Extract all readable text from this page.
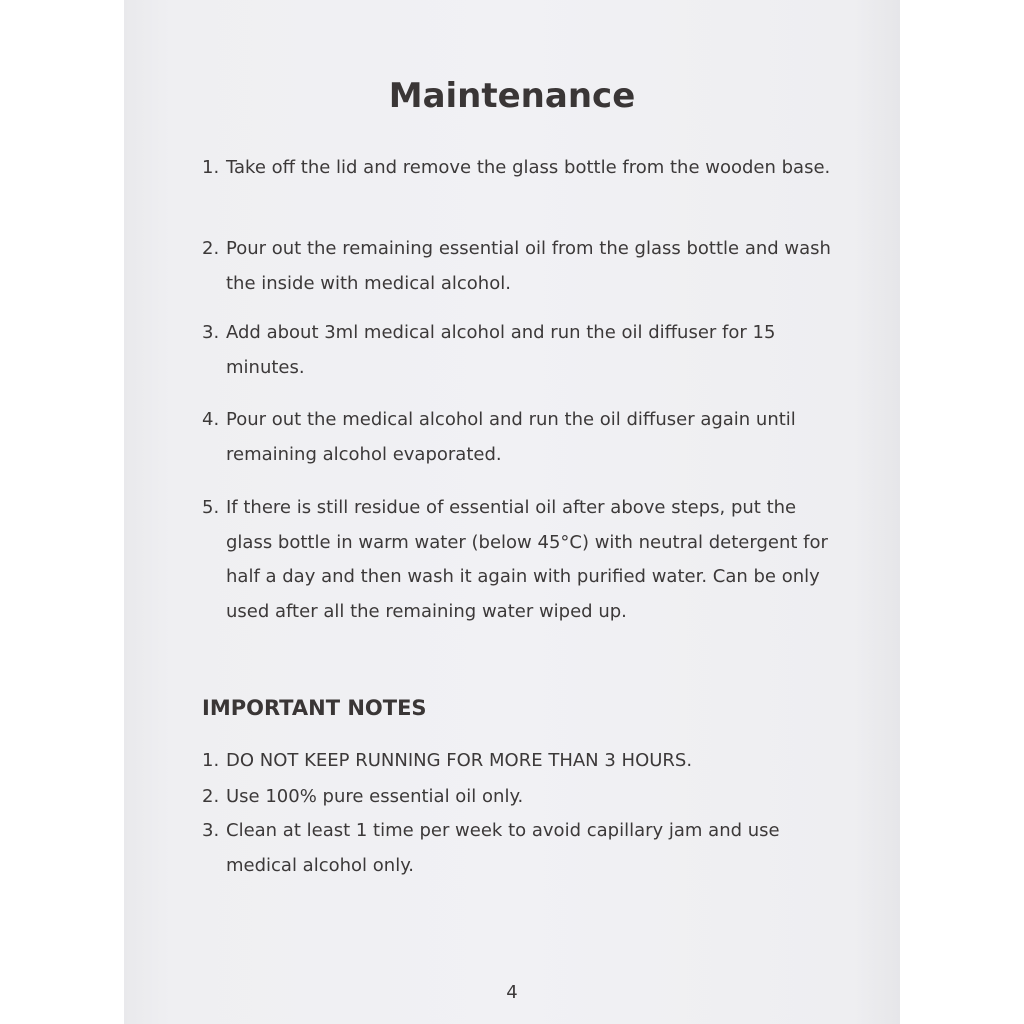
Maintenance
1. Take off the lid and remove the glass bottle from the wooden base.
2. Pour out the remaining essential oil from the glass bottle and wash the inside with medical alcohol.
3. Add about 3ml medical alcohol and run the oil diffuser for 15 minutes.
4. Pour out the medical alcohol and run the oil diffuser again until remaining alcohol evaporated.
5. If there is still residue of essential oil after above steps, put the glass bottle in warm water (below 45°C) with neutral detergent for half a day and then wash it again with purified water. Can be only used after all the remaining water wiped up.
IMPORTANT NOTES
1. DO NOT KEEP RUNNING FOR MORE THAN 3 HOURS.
2. Use 100% pure essential oil only.
3. Clean at least 1 time per week to avoid capillary jam and use medical alcohol only.
4
